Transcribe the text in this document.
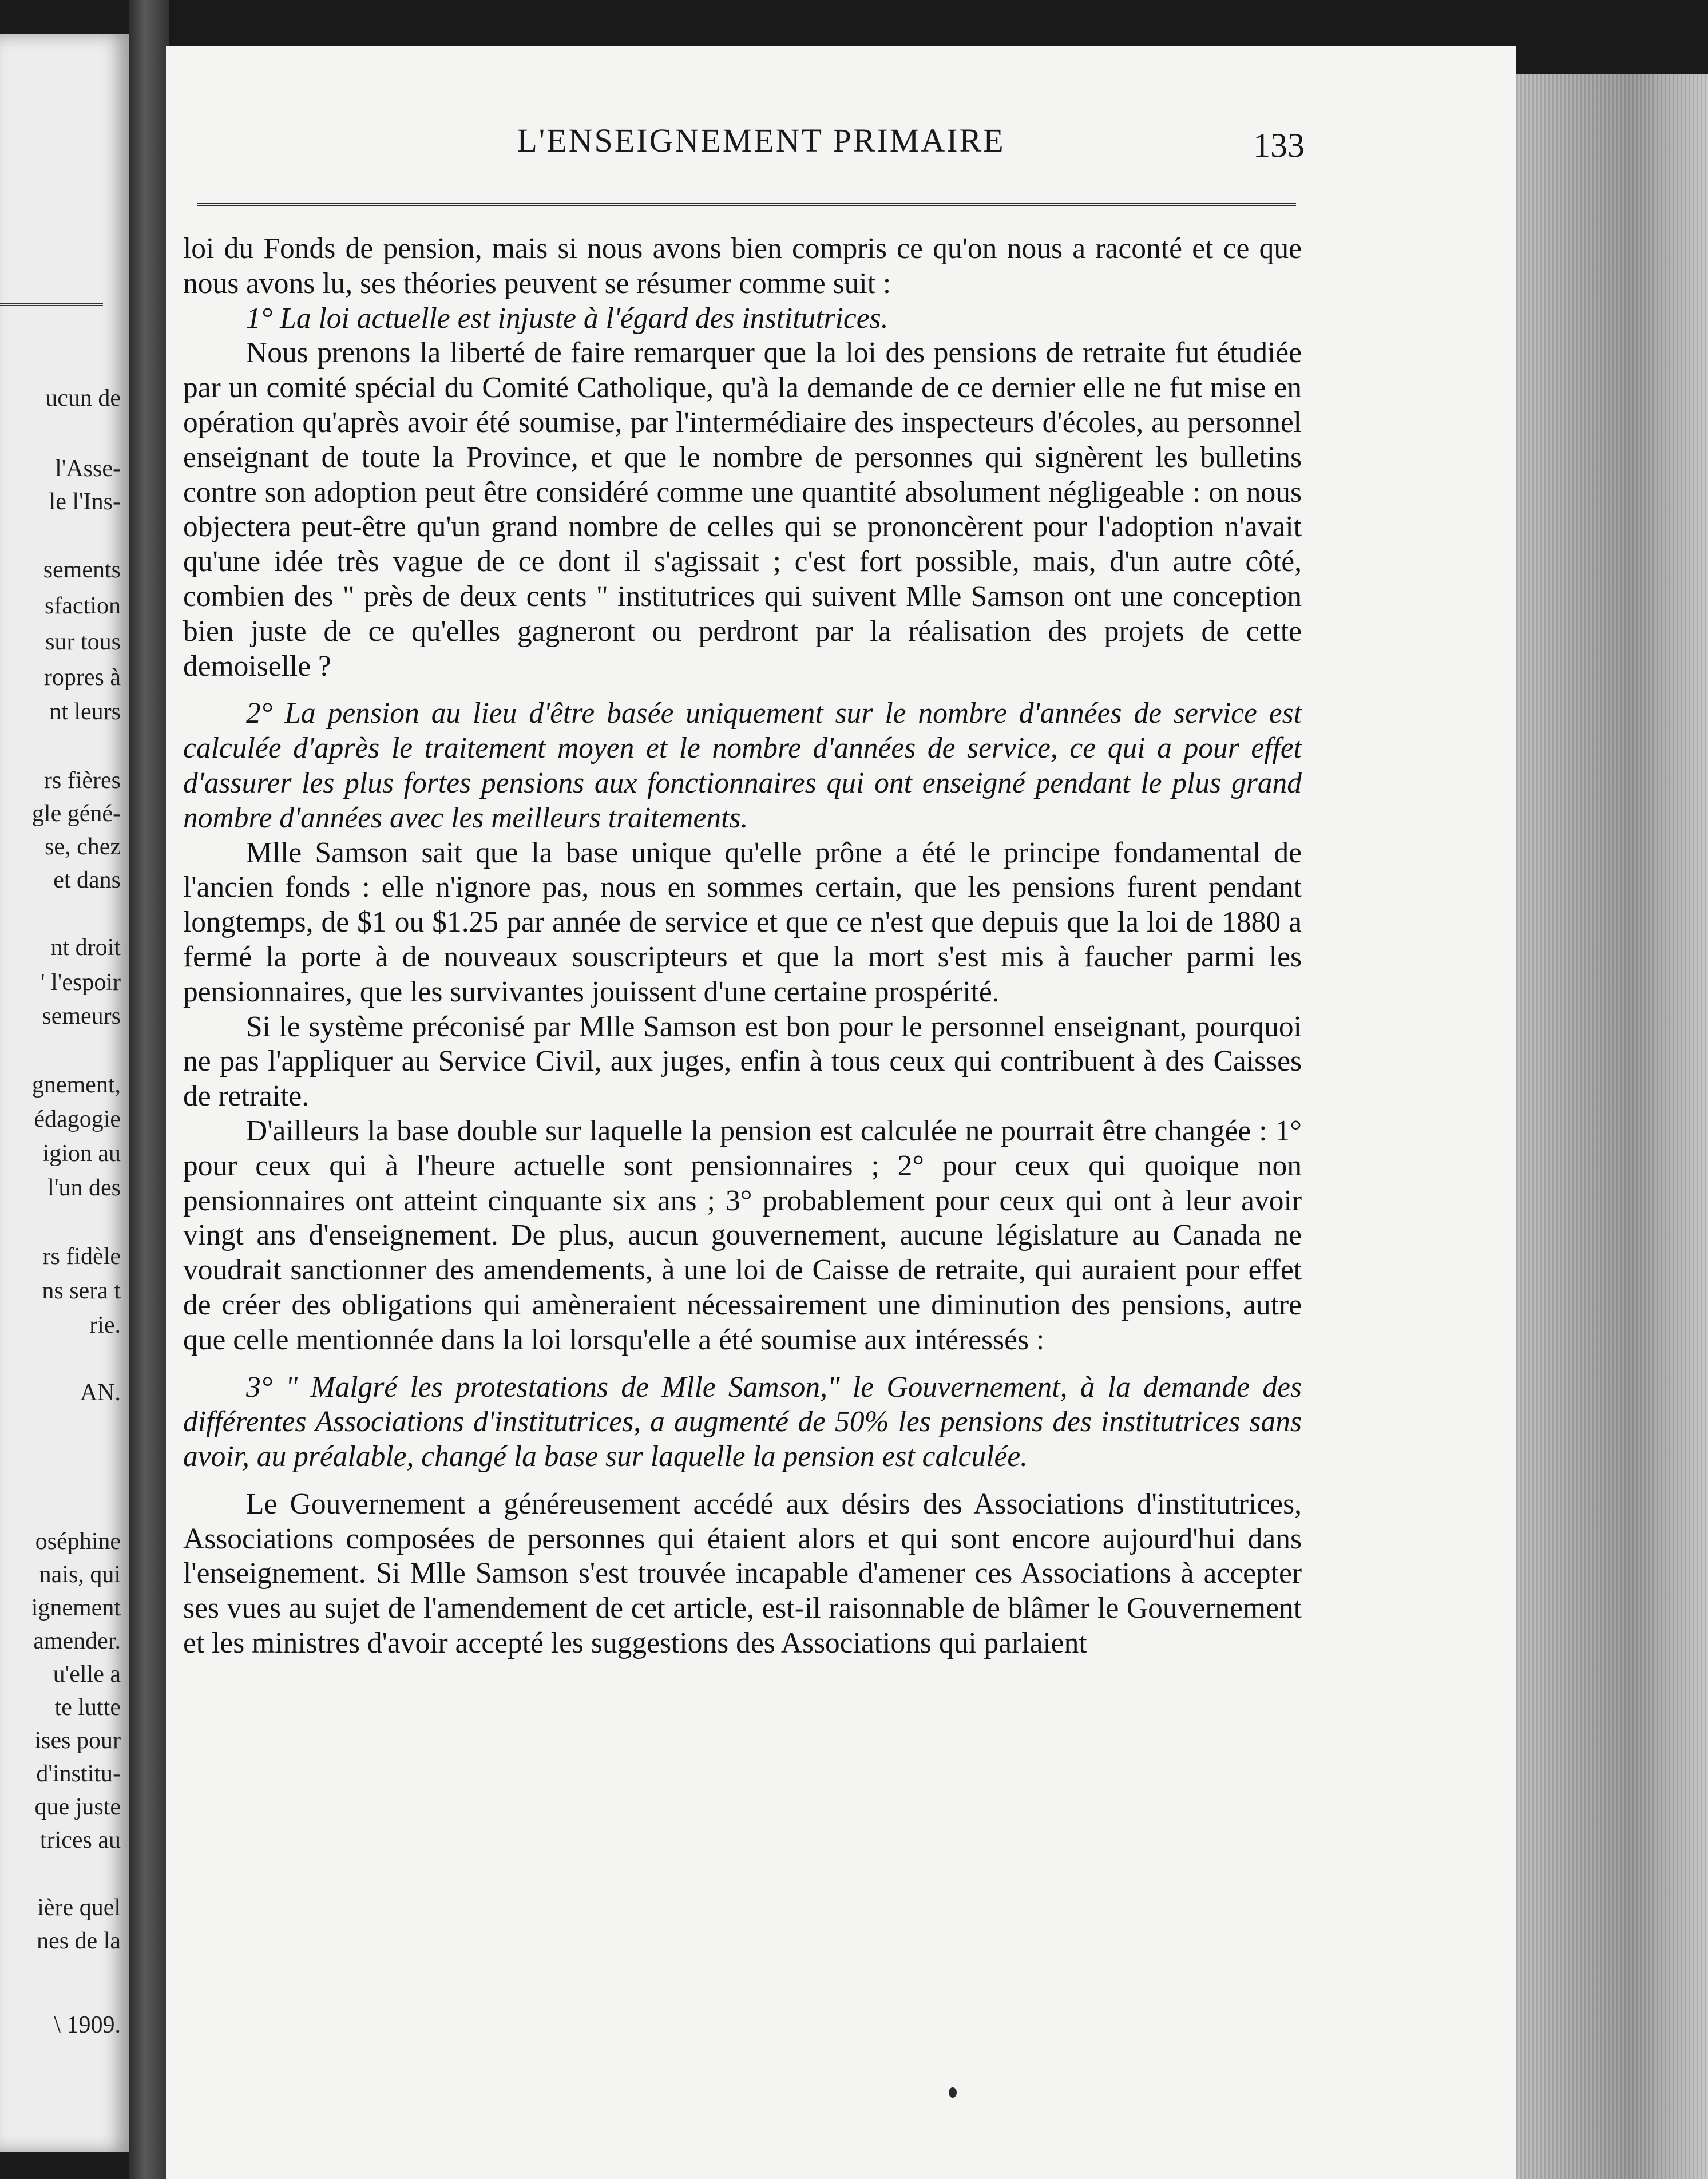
ucun de
l'Asse-
le l'Ins-
sements
sfaction
sur tous
ropres à
nt leurs
rs fières
gle géné-
se, chez
et dans
nt droit
' l'espoir
semeurs
gnement,
édagogie
igion au
l'un des
rs fidèle
ns sera t
rie.
AN.
oséphine
nais, qui
ignement
amender.
u'elle a
te lutte
ises pour
d'institu-
que juste
trices au
ière quel
nes de la
\ 1909.
L'ENSEIGNEMENT PRIMAIRE	133

loi du Fonds de pension, mais si nous avons bien compris ce qu'on nous a raconté et ce que nous avons lu, ses théories peuvent se résumer comme suit :

1° La loi actuelle est injuste à l'égard des institutrices.

Nous prenons la liberté de faire remarquer que la loi des pensions de retraite fut étudiée par un comité spécial du Comité Catholique, qu'à la demande de ce dernier elle ne fut mise en opération qu'après avoir été soumise, par l'intermédiaire des inspecteurs d'écoles, au personnel enseignant de toute la Province, et que le nombre de personnes qui signèrent les bulletins contre son adoption peut être considéré comme une quantité absolument négligeable : on nous objectera peut-être qu'un grand nombre de celles qui se prononcèrent pour l'adoption n'avait qu'une idée très vague de ce dont il s'agissait ; c'est fort possible, mais, d'un autre côté, combien des " près de deux cents " institutrices qui suivent Mlle Samson ont une conception bien juste de ce qu'elles gagneront ou perdront par la réalisation des projets de cette demoiselle ?

2° La pension au lieu d'être basée uniquement sur le nombre d'années de service est calculée d'après le traitement moyen et le nombre d'années de service, ce qui a pour effet d'assurer les plus fortes pensions aux fonctionnaires qui ont enseigné pendant le plus grand nombre d'années avec les meilleurs traitements.

Mlle Samson sait que la base unique qu'elle prône a été le principe fondamental de l'ancien fonds : elle n'ignore pas, nous en sommes certain, que les pensions furent pendant longtemps, de $1 ou $1.25 par année de service et que ce n'est que depuis que la loi de 1880 a fermé la porte à de nouveaux souscripteurs et que la mort s'est mis à faucher parmi les pensionnaires, que les survivantes jouissent d'une certaine prospérité.

Si le système préconisé par Mlle Samson est bon pour le personnel enseignant, pourquoi ne pas l'appliquer au Service Civil, aux juges, enfin à tous ceux qui contribuent à des Caisses de retraite.

D'ailleurs la base double sur laquelle la pension est calculée ne pourrait être changée : 1° pour ceux qui à l'heure actuelle sont pensionnaires ; 2° pour ceux qui quoique non pensionnaires ont atteint cinquante six ans ; 3° probablement pour ceux qui ont à leur avoir vingt ans d'enseignement. De plus, aucun gouvernement, aucune législature au Canada ne voudrait sanctionner des amendements, à une loi de Caisse de retraite, qui auraient pour effet de créer des obligations qui amèneraient nécessairement une diminution des pensions, autre que celle mentionnée dans la loi lorsqu'elle a été soumise aux intéressés :

3° " Malgré les protestations de Mlle Samson," le Gouvernement, à la demande des différentes Associations d'institutrices, a augmenté de 50% les pensions des institutrices sans avoir, au préalable, changé la base sur laquelle la pension est calculée.

Le Gouvernement a généreusement accédé aux désirs des Associations d'institutrices, Associations composées de personnes qui étaient alors et qui sont encore aujourd'hui dans l'enseignement. Si Mlle Samson s'est trouvée incapable d'amener ces Associations à accepter ses vues au sujet de l'amendement de cet article, est-il raisonnable de blâmer le Gouvernement et les ministres d'avoir accepté les suggestions des Associations qui parlaient
